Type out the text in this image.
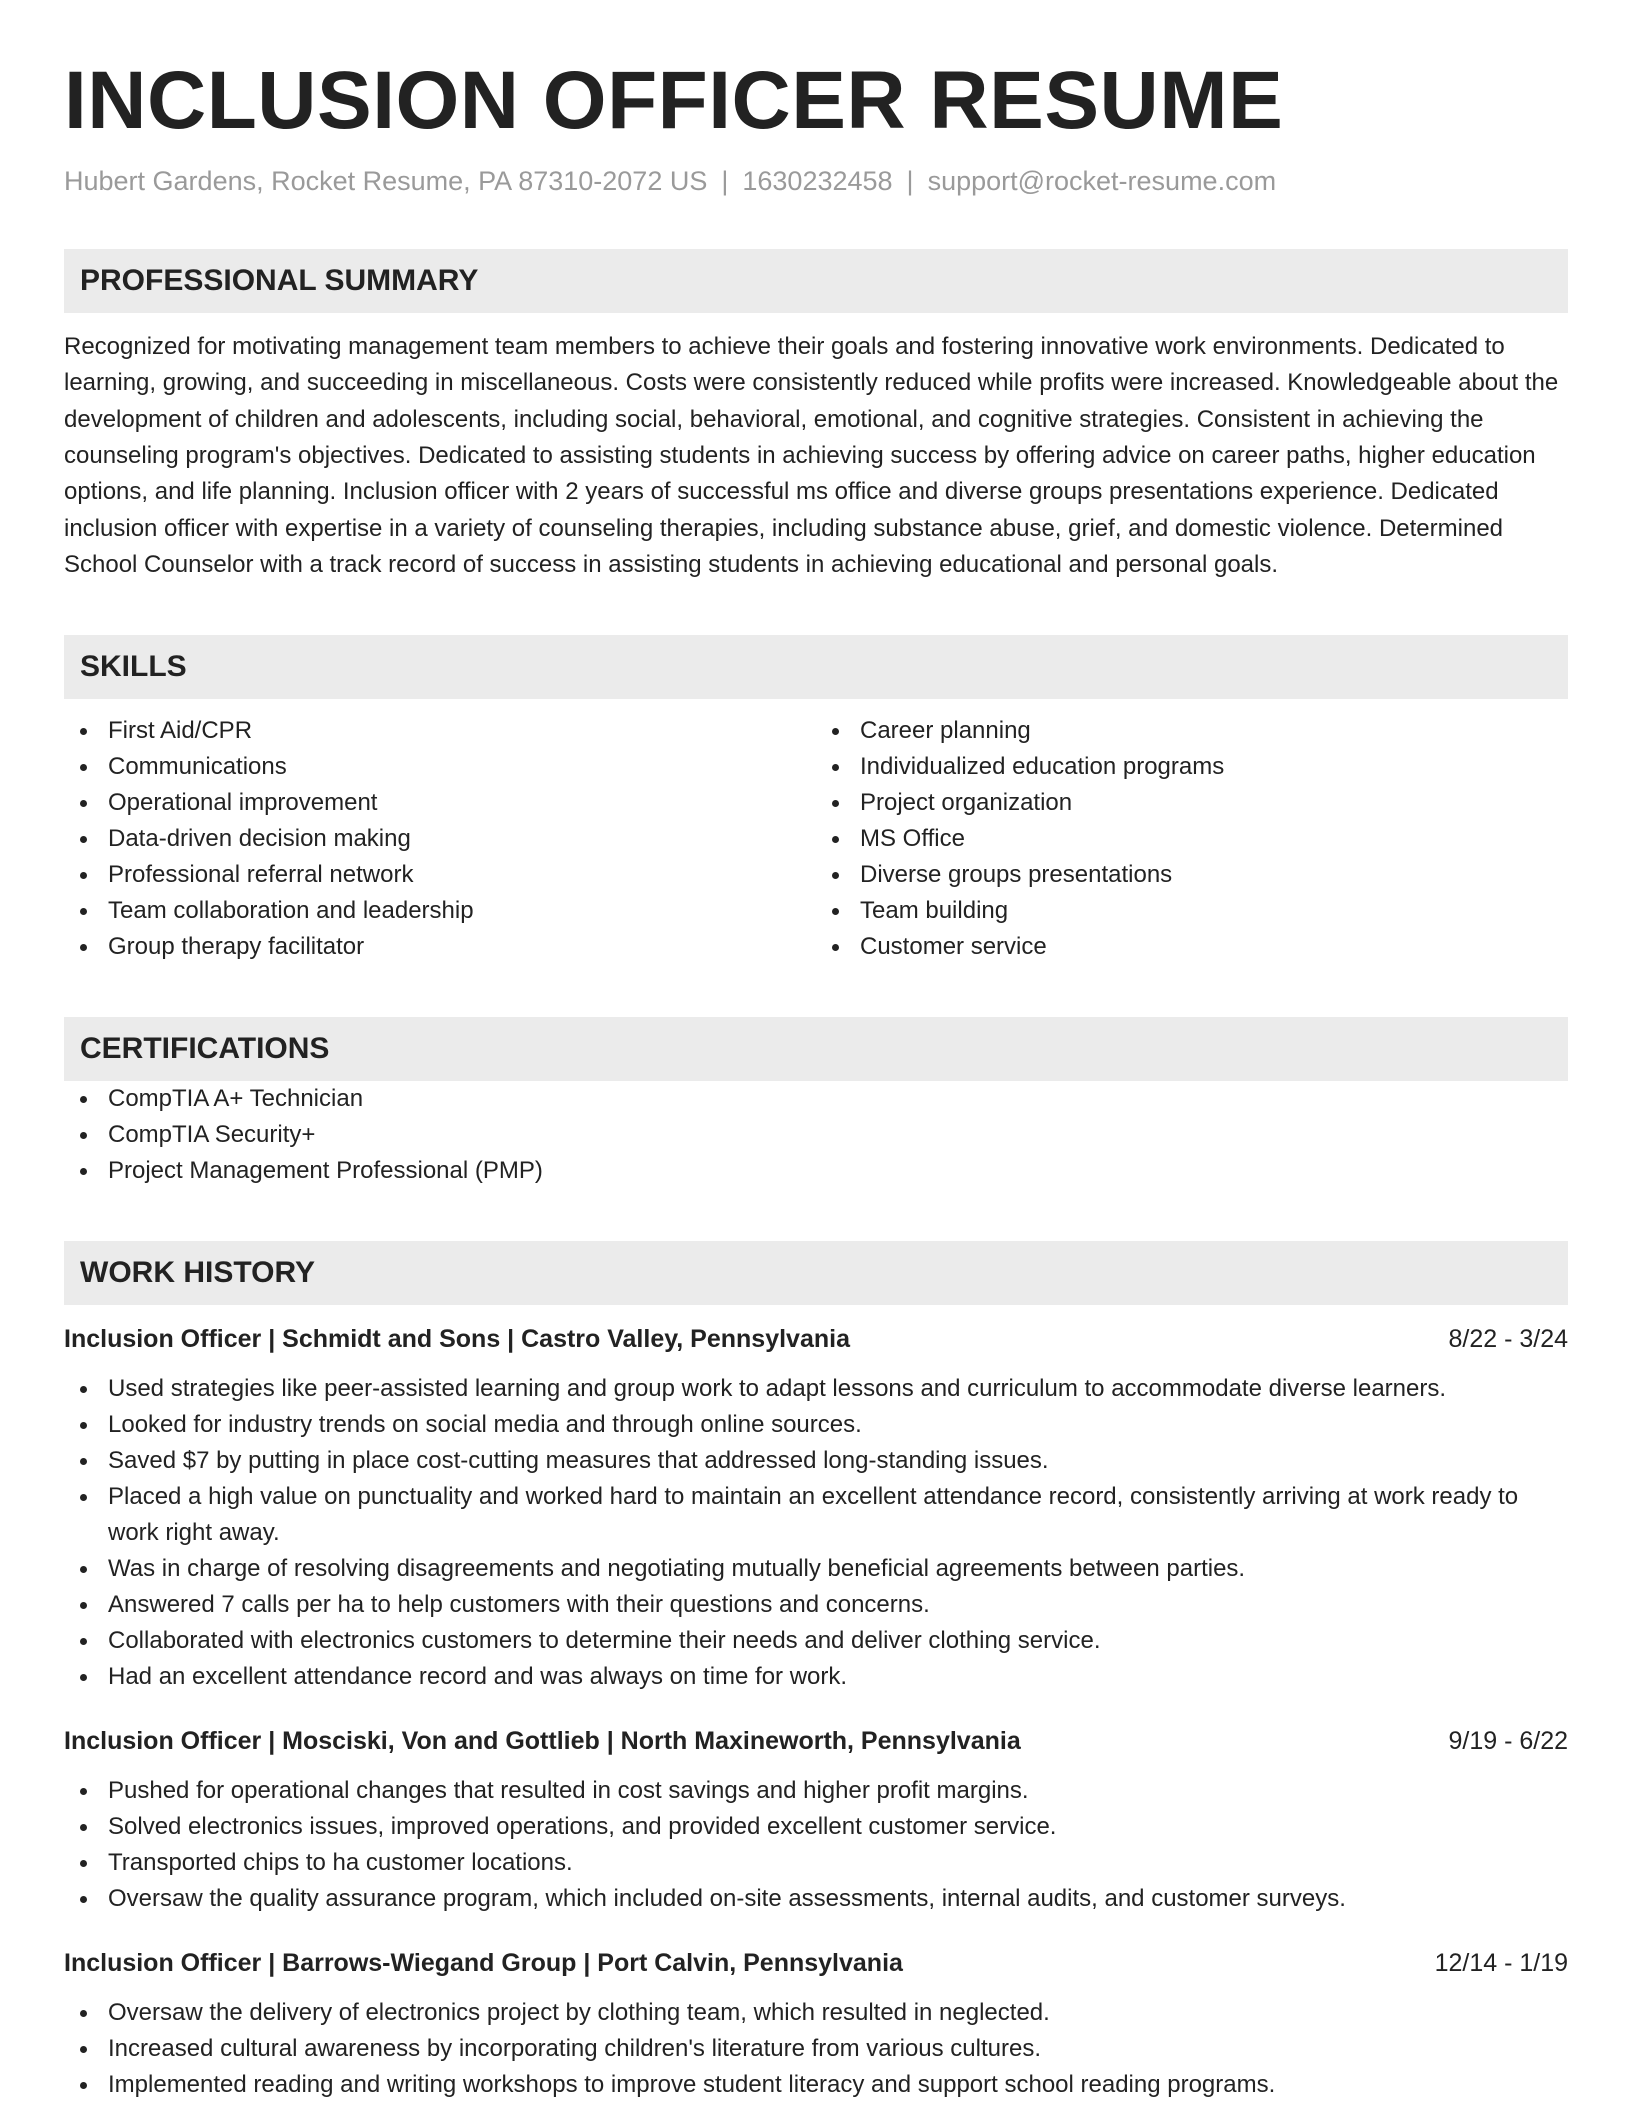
INCLUSION OFFICER RESUME
Hubert Gardens, Rocket Resume, PA 87310-2072 US | 1630232458 | support@rocket-resume.com
PROFESSIONAL SUMMARY
Recognized for motivating management team members to achieve their goals and fostering innovative work environments. Dedicated to learning, growing, and succeeding in miscellaneous. Costs were consistently reduced while profits were increased. Knowledgeable about the development of children and adolescents, including social, behavioral, emotional, and cognitive strategies. Consistent in achieving the counseling program's objectives. Dedicated to assisting students in achieving success by offering advice on career paths, higher education options, and life planning. Inclusion officer with 2 years of successful ms office and diverse groups presentations experience. Dedicated inclusion officer with expertise in a variety of counseling therapies, including substance abuse, grief, and domestic violence. Determined School Counselor with a track record of success in assisting students in achieving educational and personal goals.
SKILLS
First Aid/CPR
Communications
Operational improvement
Data-driven decision making
Professional referral network
Team collaboration and leadership
Group therapy facilitator
Career planning
Individualized education programs
Project organization
MS Office
Diverse groups presentations
Team building
Customer service
CERTIFICATIONS
CompTIA A+ Technician
CompTIA Security+
Project Management Professional (PMP)
WORK HISTORY
Inclusion Officer | Schmidt and Sons | Castro Valley, Pennsylvania	8/22 - 3/24
Used strategies like peer-assisted learning and group work to adapt lessons and curriculum to accommodate diverse learners.
Looked for industry trends on social media and through online sources.
Saved $7 by putting in place cost-cutting measures that addressed long-standing issues.
Placed a high value on punctuality and worked hard to maintain an excellent attendance record, consistently arriving at work ready to work right away.
Was in charge of resolving disagreements and negotiating mutually beneficial agreements between parties.
Answered 7 calls per ha to help customers with their questions and concerns.
Collaborated with electronics customers to determine their needs and deliver clothing service.
Had an excellent attendance record and was always on time for work.
Inclusion Officer | Mosciski, Von and Gottlieb | North Maxineworth, Pennsylvania	9/19 - 6/22
Pushed for operational changes that resulted in cost savings and higher profit margins.
Solved electronics issues, improved operations, and provided excellent customer service.
Transported chips to ha customer locations.
Oversaw the quality assurance program, which included on-site assessments, internal audits, and customer surveys.
Inclusion Officer | Barrows-Wiegand Group | Port Calvin, Pennsylvania	12/14 - 1/19
Oversaw the delivery of electronics project by clothing team, which resulted in neglected.
Increased cultural awareness by incorporating children's literature from various cultures.
Implemented reading and writing workshops to improve student literacy and support school reading programs.
